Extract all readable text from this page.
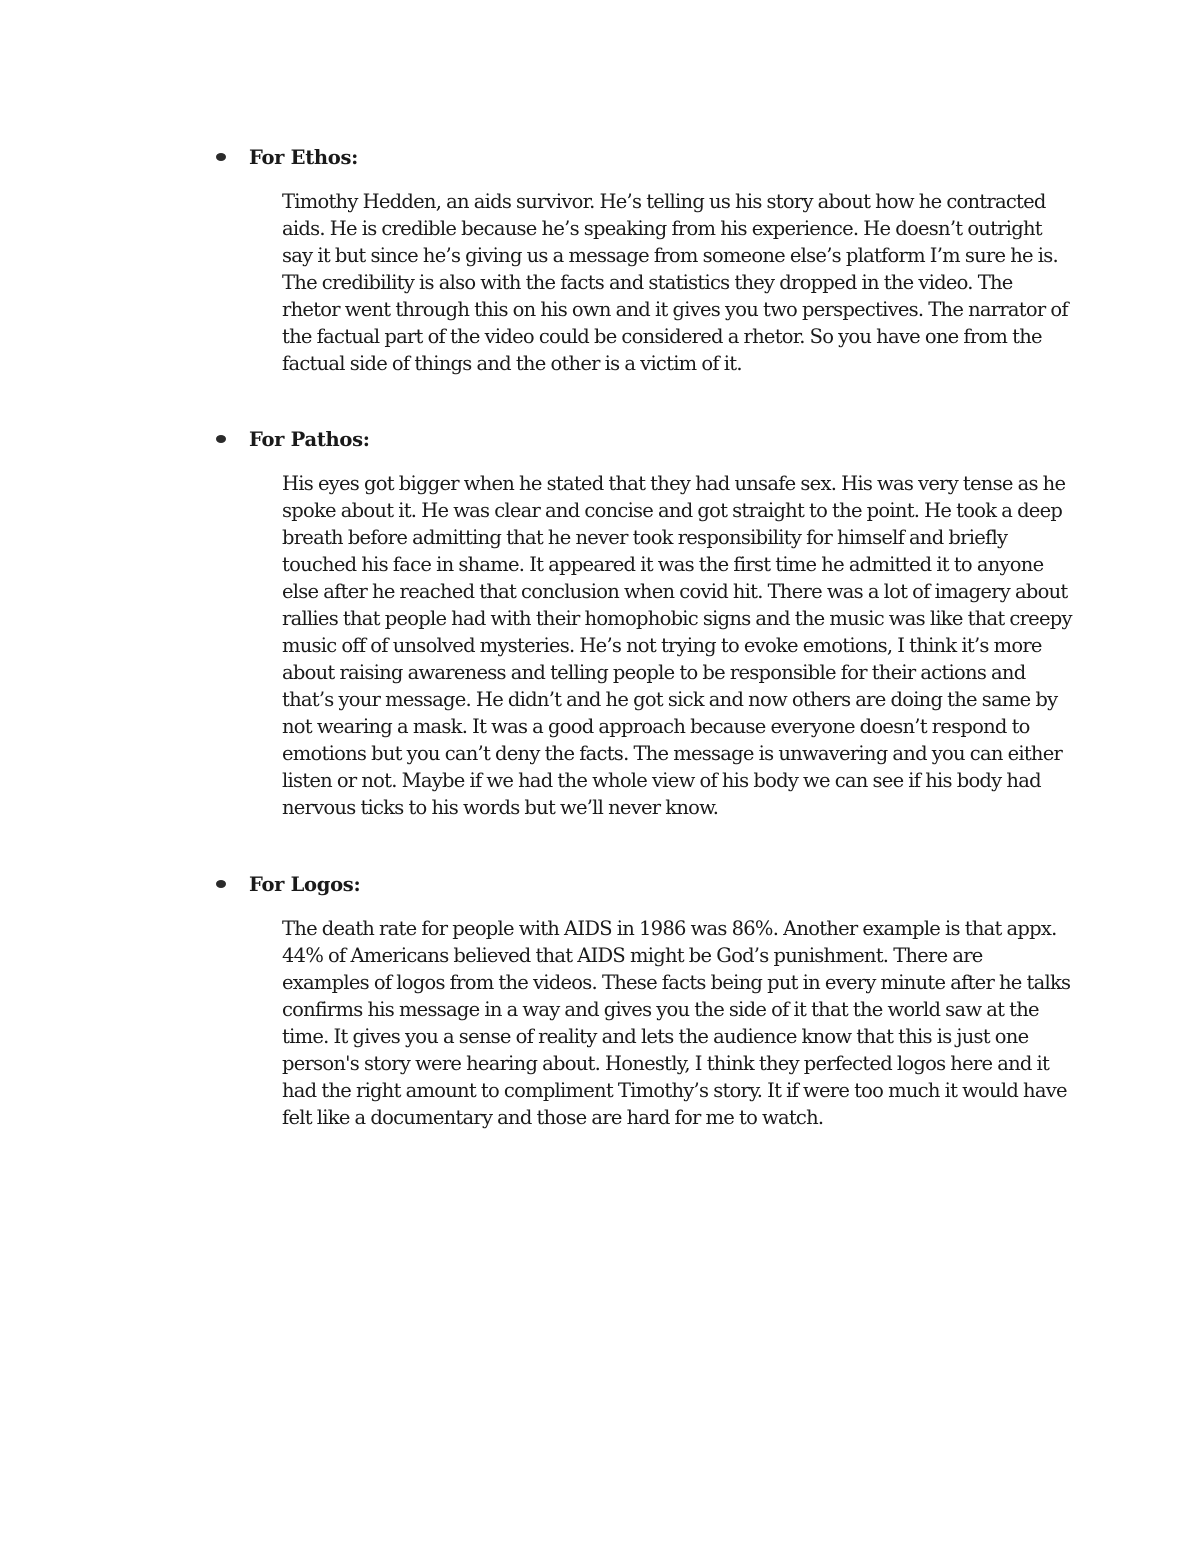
For Ethos:

Timothy Hedden, an aids survivor. He’s telling us his story about how he contracted aids. He is credible because he’s speaking from his experience. He doesn’t outright say it but since he’s giving us a message from someone else’s platform I’m sure he is. The credibility is also with the facts and statistics they dropped in the video. The rhetor went through this on his own and it gives you two perspectives. The narrator of the factual part of the video could be considered a rhetor. So you have one from the factual side of things and the other is a victim of it.

For Pathos:

His eyes got bigger when he stated that they had unsafe sex. His was very tense as he spoke about it. He was clear and concise and got straight to the point. He took a deep breath before admitting that he never took responsibility for himself and briefly touched his face in shame. It appeared it was the first time he admitted it to anyone else after he reached that conclusion when covid hit. There was a lot of imagery about rallies that people had with their homophobic signs and the music was like that creepy music off of unsolved mysteries. He’s not trying to evoke emotions, I think it’s more about raising awareness and telling people to be responsible for their actions and that’s your message. He didn’t and he got sick and now others are doing the same by not wearing a mask. It was a good approach because everyone doesn’t respond to emotions but you can’t deny the facts. The message is unwavering and you can either listen or not. Maybe if we had the whole view of his body we can see if his body had nervous ticks to his words but we’ll never know.

For Logos:

The death rate for people with AIDS in 1986 was 86%. Another example is that appx. 44% of Americans believed that AIDS might be God’s punishment. There are examples of logos from the videos. These facts being put in every minute after he talks confirms his message in a way and gives you the side of it that the world saw at the time. It gives you a sense of reality and lets the audience know that this is just one person's story were hearing about. Honestly, I think they perfected logos here and it had the right amount to compliment Timothy’s story. It if were too much it would have felt like a documentary and those are hard for me to watch.
